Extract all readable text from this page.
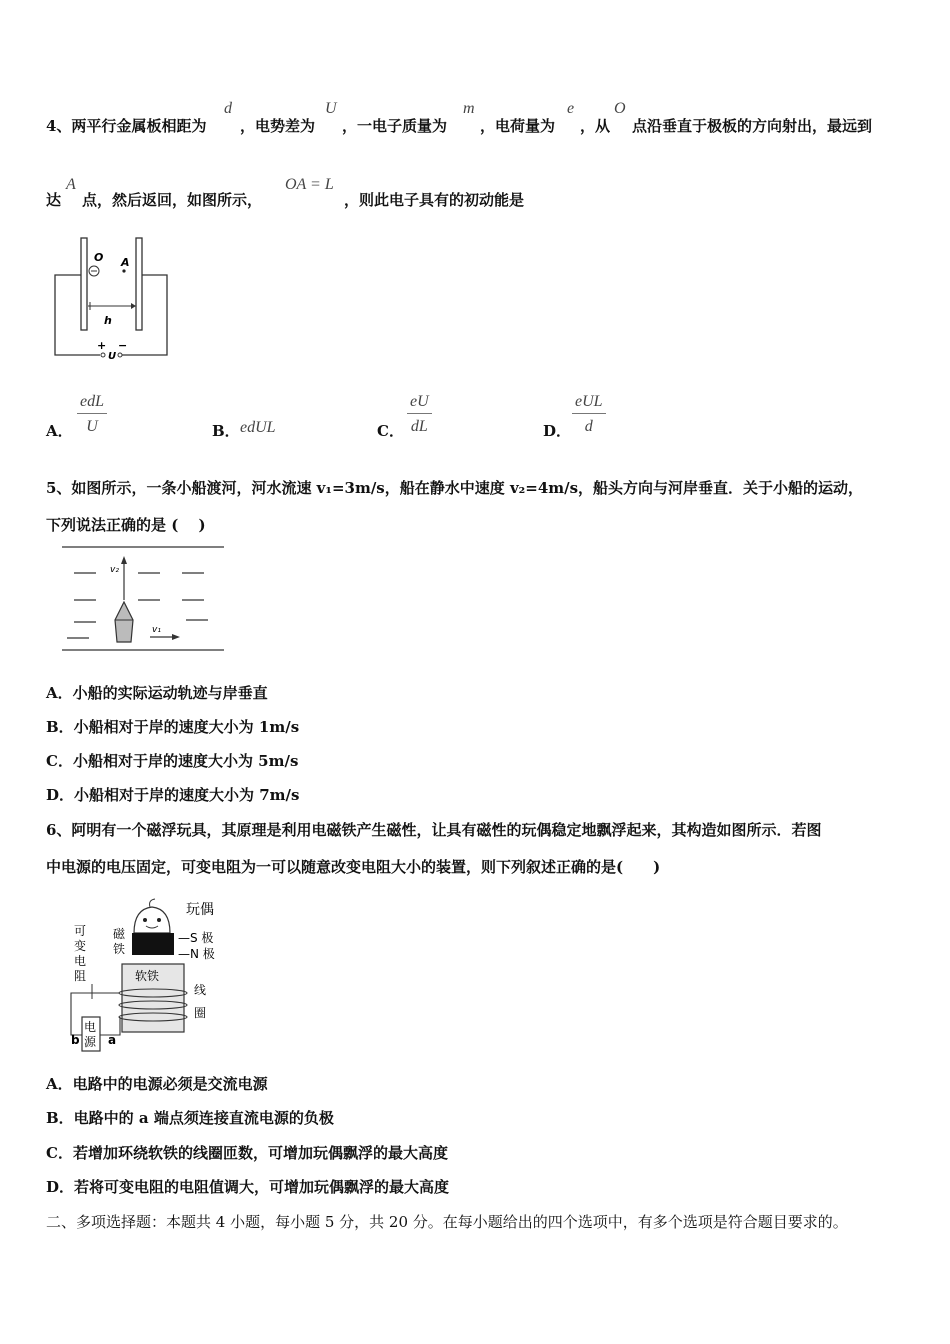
4、两平行金属板相距为
d
，电势差为
U
，一电子质量为
m
，电荷量为
e
，从
O
点沿垂直于极板的方向射出，最远到
达
A
点，然后返回，如图所示，
OA = L
，则此电子具有的初动能是
O A
h
+
U
−
A．
edL
U	B． edUL	C． $\frac{eU}{dL}$	D．
eUL
d
5、如图所示，一条小船渡河，河水流速 v₁=3m/s，船在静水中速度 v₂=4m/s，船头方向与河岸垂直．关于小船的运动，
下列说法正确的是 (　 )
v₂
v₁
A．小船的实际运动轨迹与岸垂直
B．小船相对于岸的速度大小为 1m/s
C．小船相对于岸的速度大小为 5m/s
D．小船相对于岸的速度大小为 7m/s
6、阿明有一个磁浮玩具，其原理是利用电磁铁产生磁性，让具有磁性的玩偶稳定地飘浮起来，其构造如图所示．若图
中电源的电压固定，可变电阻为一可以随意改变电阻大小的装置，则下列叙述正确的是(　　)
玩偶
磁
铁
—S 极
—N 极
可
变
电
阻	软铁
线
圈
电
源
b a
A．电路中的电源必须是交流电源
B．电路中的 a 端点须连接直流电源的负极
C．若增加环绕软铁的线圈匝数，可增加玩偶飘浮的最大高度
D．若将可变电阻的电阻值调大，可增加玩偶飘浮的最大高度
二、多项选择题：本题共 4 小题，每小题 5 分，共 20 分。在每小题给出的四个选项中，有多个选项是符合题目要求的。
